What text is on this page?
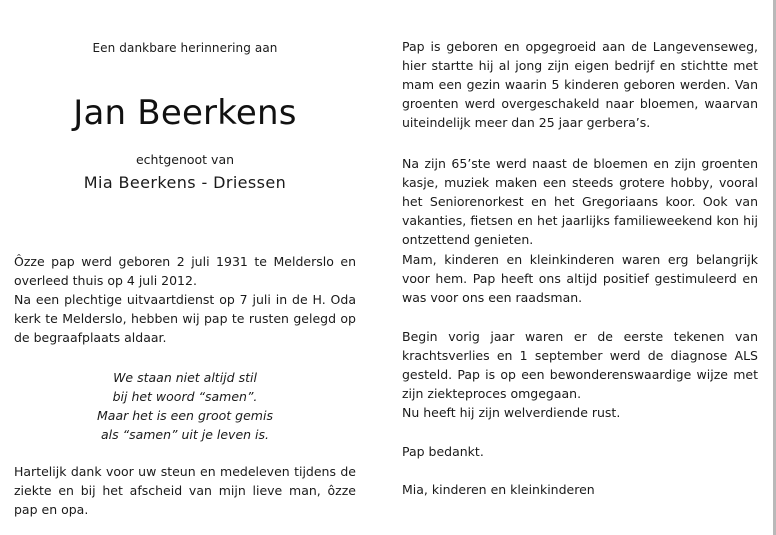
Een dankbare herinnering aan
Jan Beerkens
echtgenoot van
Mia Beerkens - Driessen

Ôzze pap werd geboren 2 juli 1931 te Melderslo en overleed thuis op 4 juli 2012.

Na een plechtige uitvaartdienst op 7 juli in de H. Oda kerk te Melderslo, hebben wij pap te rusten gelegd op de begraafplaats aldaar.

We staan niet altijd stil
bij het woord “samen”.
Maar het is een groot gemis
als “samen” uit je leven is.

Hartelijk dank voor uw steun en medeleven tijdens de ziekte en bij het afscheid van mijn lieve man, ôzze pap en opa.

Pap is geboren en opgegroeid aan de Langevenseweg, hier startte hij al jong zijn eigen bedrijf en stichtte met mam een gezin waarin 5 kinderen geboren werden. Van groenten werd overgeschakeld naar bloemen, waarvan uiteindelijk meer dan 25 jaar gerbera’s.

Na zijn 65’ste werd naast de bloemen en zijn groenten kasje, muziek maken een steeds grotere hobby, vooral het Seniorenorkest en het Gregoriaans koor. Ook van vakanties, fietsen en het jaarlijks familieweekend kon hij ontzettend genieten.

Mam, kinderen en kleinkinderen waren erg belangrijk voor hem. Pap heeft ons altijd positief gestimuleerd en was voor ons een raadsman.

Begin vorig jaar waren er de eerste tekenen van krachtsverlies en 1 september werd de diagnose ALS gesteld. Pap is op een bewonderenswaardige wijze met zijn ziekteproces omgegaan.

Nu heeft hij zijn welverdiende rust.

Pap bedankt.

Mia, kinderen en kleinkinderen
